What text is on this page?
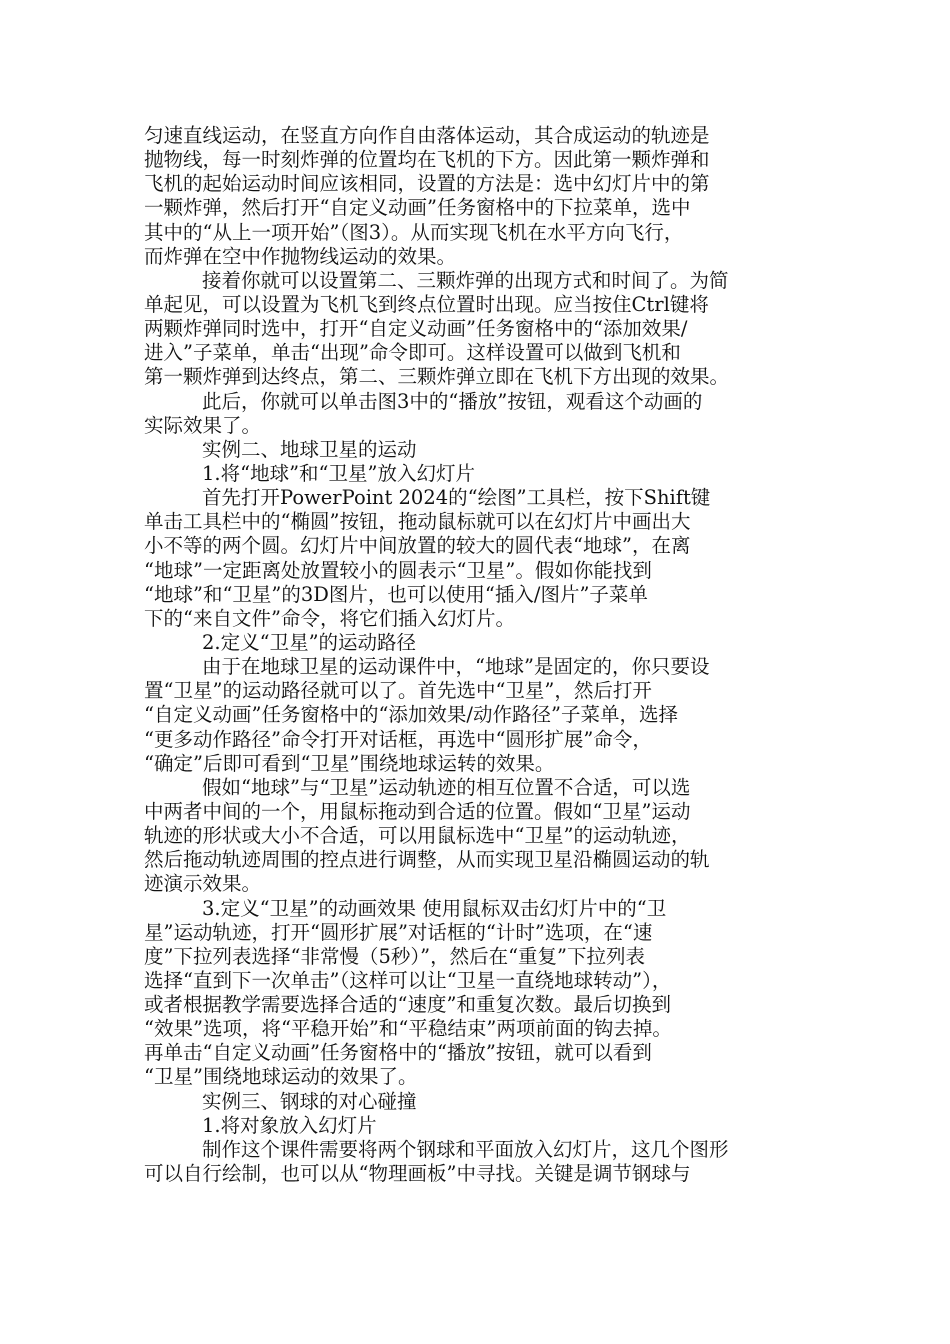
匀速直线运动，在竖直方向作自由落体运动，其合成运动的轨迹是
抛物线，每一时刻炸弹的位置均在飞机的下方。因此第一颗炸弹和
飞机的起始运动时间应该相同，设置的方法是：选中幻灯片中的第
一颗炸弹，然后打开“自定义动画”任务窗格中的下拉菜单，选中
其中的“从上一项开始”（图3）。从而实现飞机在水平方向飞行，
而炸弹在空中作抛物线运动的效果。
接着你就可以设置第二、三颗炸弹的出现方式和时间了。为简
单起见，可以设置为飞机飞到终点位置时出现。应当按住Ctrl键将
两颗炸弹同时选中，打开“自定义动画”任务窗格中的“添加效果/
进入”子菜单，单击“出现”命令即可。这样设置可以做到飞机和
第一颗炸弹到达终点，第二、三颗炸弹立即在飞机下方出现的效果。
此后，你就可以单击图3中的“播放”按钮，观看这个动画的
实际效果了。
实例二、地球卫星的运动
1.将“地球”和“卫星”放入幻灯片
首先打开PowerPoint 2024的“绘图”工具栏，按下Shift键
单击工具栏中的“椭圆”按钮，拖动鼠标就可以在幻灯片中画出大
小不等的两个圆。幻灯片中间放置的较大的圆代表“地球”，在离
“地球”一定距离处放置较小的圆表示“卫星”。假如你能找到
“地球”和“卫星”的3D图片，也可以使用“插入/图片”子菜单
下的“来自文件”命令，将它们插入幻灯片。
2.定义“卫星”的运动路径
由于在地球卫星的运动课件中，“地球”是固定的，你只要设
置“卫星”的运动路径就可以了。首先选中“卫星”，然后打开
“自定义动画”任务窗格中的“添加效果/动作路径”子菜单，选择
“更多动作路径”命令打开对话框，再选中“圆形扩展”命令，
“确定”后即可看到“卫星”围绕地球运转的效果。
假如“地球”与“卫星”运动轨迹的相互位置不合适，可以选
中两者中间的一个，用鼠标拖动到合适的位置。假如“卫星”运动
轨迹的形状或大小不合适，可以用鼠标选中“卫星”的运动轨迹，
然后拖动轨迹周围的控点进行调整，从而实现卫星沿椭圆运动的轨
迹演示效果。
3.定义“卫星”的动画效果 使用鼠标双击幻灯片中的“卫
星”运动轨迹，打开“圆形扩展”对话框的“计时”选项，在“速
度”下拉列表选择“非常慢（5秒）”，然后在“重复”下拉列表
选择“直到下一次单击”（这样可以让“卫星一直绕地球转动”），
或者根据教学需要选择合适的“速度”和重复次数。最后切换到
“效果”选项，将“平稳开始”和“平稳结束”两项前面的钩去掉。
再单击“自定义动画”任务窗格中的“播放”按钮，就可以看到
“卫星”围绕地球运动的效果了。
实例三、钢球的对心碰撞
1.将对象放入幻灯片
制作这个课件需要将两个钢球和平面放入幻灯片，这几个图形
可以自行绘制，也可以从“物理画板”中寻找。关键是调节钢球与
